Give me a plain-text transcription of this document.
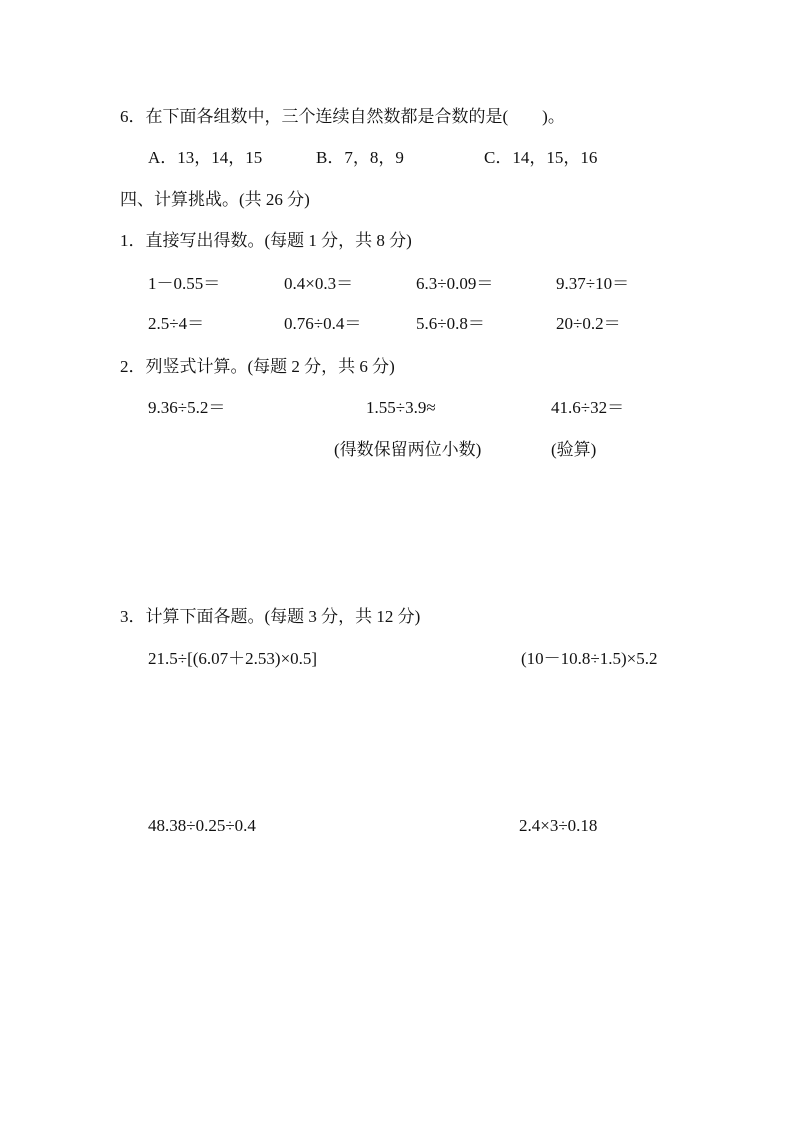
6．在下面各组数中，三个连续自然数都是合数的是(　　)。
A．13，14，15	B．7，8，9	C．14，15，16
四、计算挑战。(共 26 分)
1．直接写出得数。(每题 1 分，共 8 分)
1－0.55＝	0.4×0.3＝	6.3÷0.09＝	9.37÷10＝
2.5÷4＝	0.76÷0.4＝	5.6÷0.8＝	20÷0.2＝
2．列竖式计算。(每题 2 分，共 6 分)
9.36÷5.2＝	1.55÷3.9≈	41.6÷32＝
(得数保留两位小数)	(验算)
3．计算下面各题。(每题 3 分，共 12 分)
21.5÷[(6.07＋2.53)×0.5]	(10－10.8÷1.5)×5.2
48.38÷0.25÷0.4	2.4×3÷0.18
